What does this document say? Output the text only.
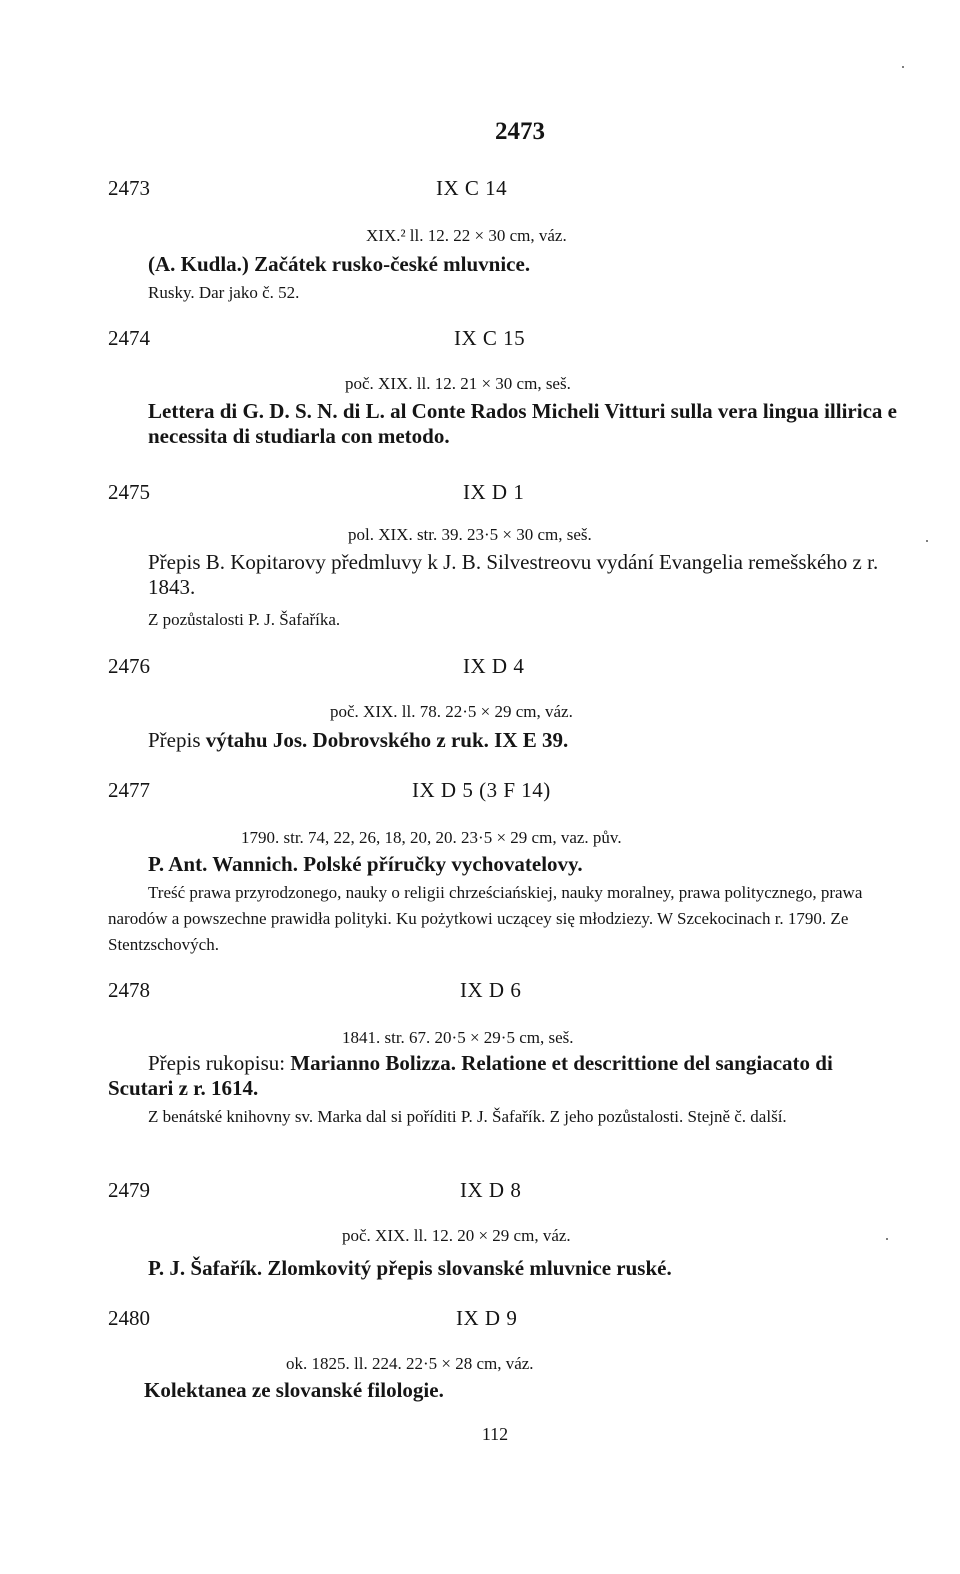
2473
2473	IX C 14
XIX.² ll. 12. 22 × 30 cm, váz.
(A. Kudla.) Začátek rusko-české mluvnice.
Rusky. Dar jako č. 52.
2474	IX C 15
poč. XIX. ll. 12. 21 × 30 cm, seš.
Lettera di G. D. S. N. di L. al Conte Rados Micheli Vitturi sulla vera lingua illirica e necessita di studiarla con metodo.
2475	IX D 1
pol. XIX. str. 39. 23·5 × 30 cm, seš.
Přepis B. Kopitarovy předmluvy k J. B. Silvestreovu vydání Evangelia remešského z r. 1843.
Z pozůstalosti P. J. Šafaříka.
2476	IX D 4
poč. XIX. ll. 78. 22·5 × 29 cm, váz.
Přepis výtahu Jos. Dobrovského z ruk. IX E 39.
2477	IX D 5 (3 F 14)
1790. str. 74, 22, 26, 18, 20, 20. 23·5 × 29 cm, vaz. pův.
P. Ant. Wannich. Polské příručky vychovatelovy.
Treść prawa przyrodzonego, nauky o religii chrześciańskiej, nauky moralney, prawa politycznego, prawa narodów a powszechne prawidła polityki. Ku pożytkowi uczącey się młodziezy. W Szcekocinach r. 1790. Ze Stentzschových.
2478	IX D 6
1841. str. 67. 20·5 × 29·5 cm, seš.
Přepis rukopisu: Marianno Bolizza. Relatione et descrittione del sangiacato di Scutari z r. 1614.
Z benátské knihovny sv. Marka dal si poříditi P. J. Šafařík. Z jeho pozůstalosti. Stejně č. další.
2479	IX D 8
poč. XIX. ll. 12. 20 × 29 cm, váz.
P. J. Šafařík. Zlomkovitý přepis slovanské mluvnice ruské.
2480	IX D 9
ok. 1825. ll. 224. 22·5 × 28 cm, váz.
Kolektanea ze slovanské filologie.
112
